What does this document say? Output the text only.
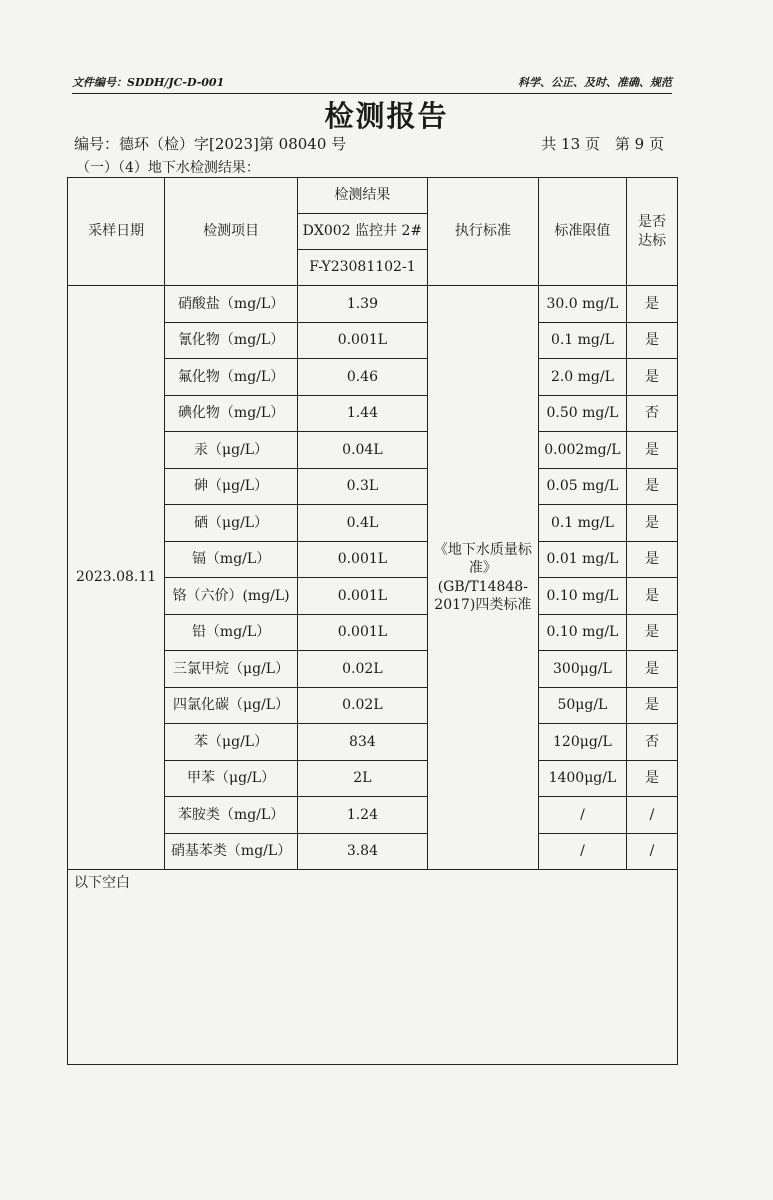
文件编号：SDDH/JC-D-001	科学、公正、及时、准确、规范
检测报告
编号：德环（检）字[2023]第 08040 号	共 13 页　第 9 页
（一）（4）地下水检测结果：
采样日期	检测项目	检测结果	执行标准	标准限值	是否达标
		DX002 监控井 2#			
		F-Y23081102-1			
2023.08.11	硝酸盐（mg/L）	1.39	《地下水质量标准》(GB/T14848-2017)四类标准	30.0 mg/L	是
	氰化物（mg/L）	0.001L		0.1 mg/L	是
	氟化物（mg/L）	0.46		2.0 mg/L	是
	碘化物（mg/L）	1.44		0.50 mg/L	否
	汞（μg/L）	0.04L		0.002mg/L	是
	砷（μg/L）	0.3L		0.05 mg/L	是
	硒（μg/L）	0.4L		0.1 mg/L	是
	镉（mg/L）	0.001L		0.01 mg/L	是
	铬（六价）(mg/L)	0.001L		0.10 mg/L	是
	铅（mg/L）	0.001L		0.10 mg/L	是
	三氯甲烷（μg/L）	0.02L		300μg/L	是
	四氯化碳（μg/L）	0.02L		50μg/L	是
	苯（μg/L）	834		120μg/L	否
	甲苯（μg/L）	2L		1400μg/L	是
	苯胺类（mg/L）	1.24		/	/
	硝基苯类（mg/L）	3.84		/	/
以下空白					
